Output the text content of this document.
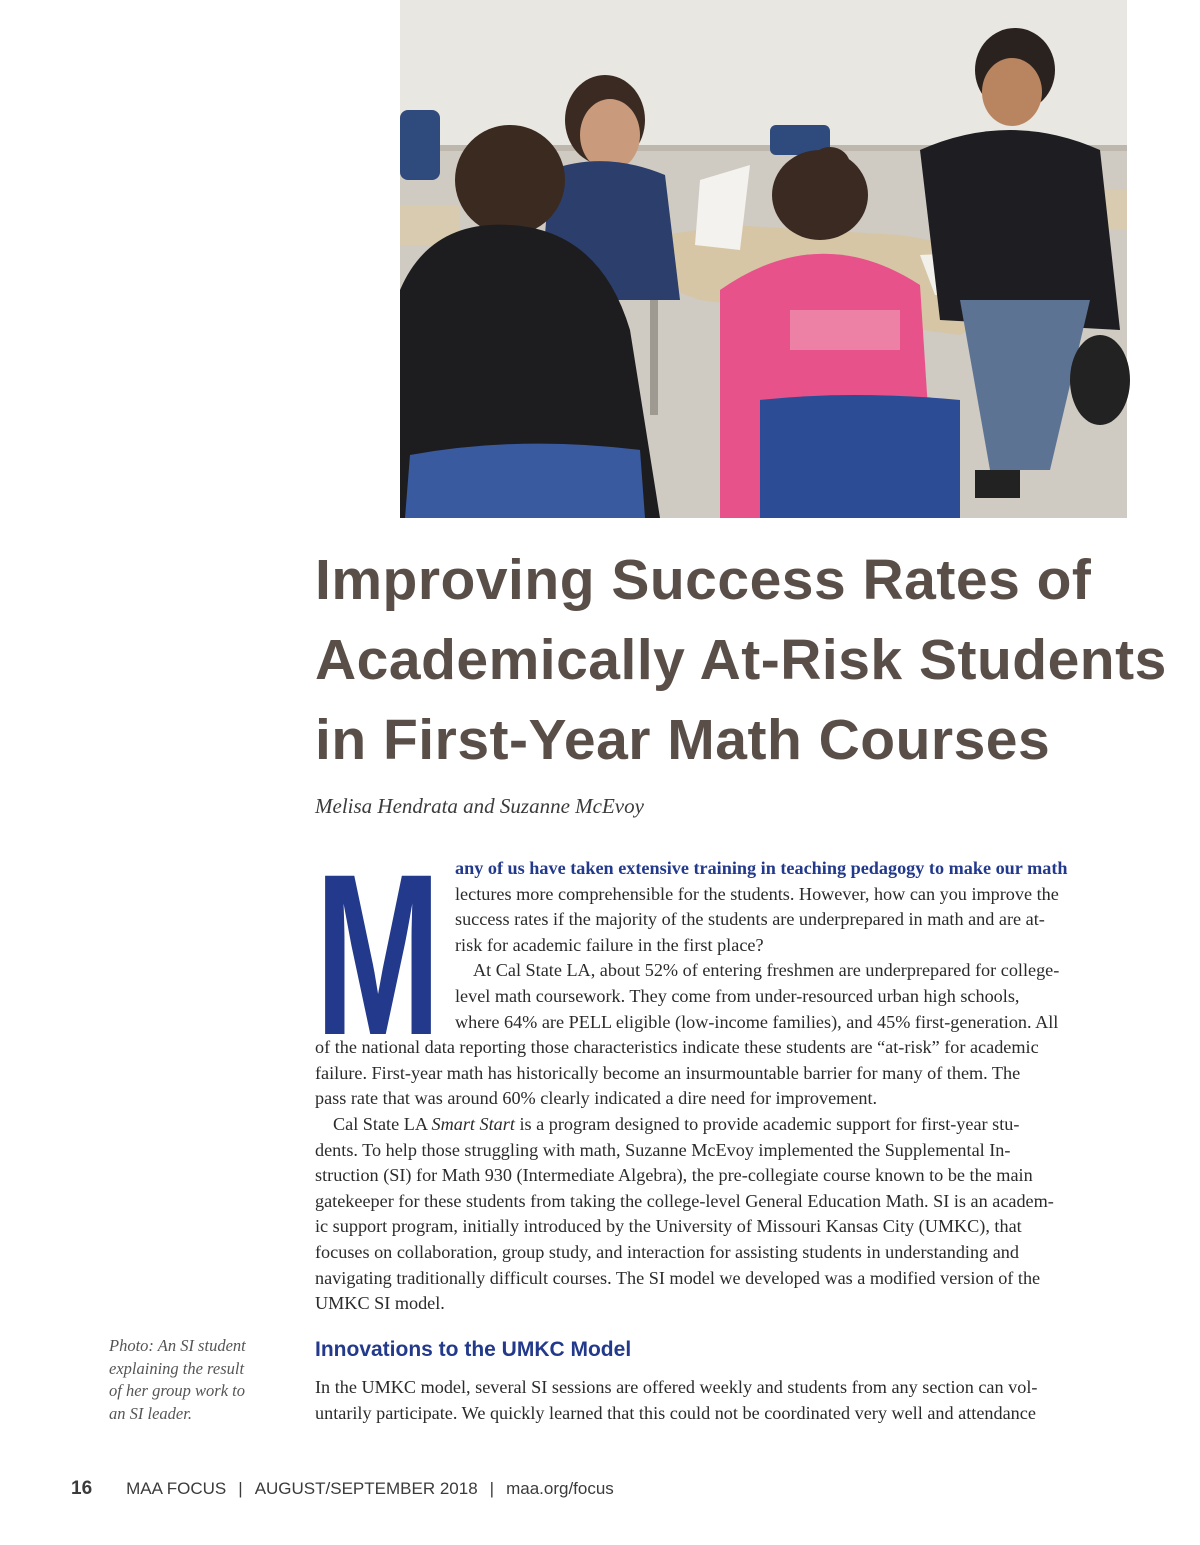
Improving Success Rates of
Academically At-Risk Students
in First-Year Math Courses
Melisa Hendrata and Suzanne McEvoy
M any of us have taken extensive training in teaching pedagogy to make our math
lectures more comprehensible for the students. However, how can you improve the
success rates if the majority of the students are underprepared in math and are at-
risk for academic failure in the first place?
At Cal State LA, about 52% of entering freshmen are underprepared for college-
level math coursework. They come from under-resourced urban high schools,
where 64% are PELL eligible (low-income families), and 45% first-generation. All
of the national data reporting those characteristics indicate these students are “at-risk” for academic
failure. First-year math has historically become an insurmountable barrier for many of them. The
pass rate that was around 60% clearly indicated a dire need for improvement.
Cal State LA Smart Start is a program designed to provide academic support for first-year stu-
dents. To help those struggling with math, Suzanne McEvoy implemented the Supplemental In-
struction (SI) for Math 930 (Intermediate Algebra), the pre-collegiate course known to be the main
gatekeeper for these students from taking the college-level General Education Math. SI is an academ-
ic support program, initially introduced by the University of Missouri Kansas City (UMKC), that
focuses on collaboration, group study, and interaction for assisting students in understanding and
navigating traditionally difficult courses. The SI model we developed was a modified version of the
UMKC SI model.
Innovations to the UMKC Model
In the UMKC model, several SI sessions are offered weekly and students from any section can vol-
untarily participate. We quickly learned that this could not be coordinated very well and attendance
Photo: An SI student
explaining the result
of her group work to
an SI leader.
16 MAA FOCUS | AUGUST/SEPTEMBER 2018 | maa.org/focus
